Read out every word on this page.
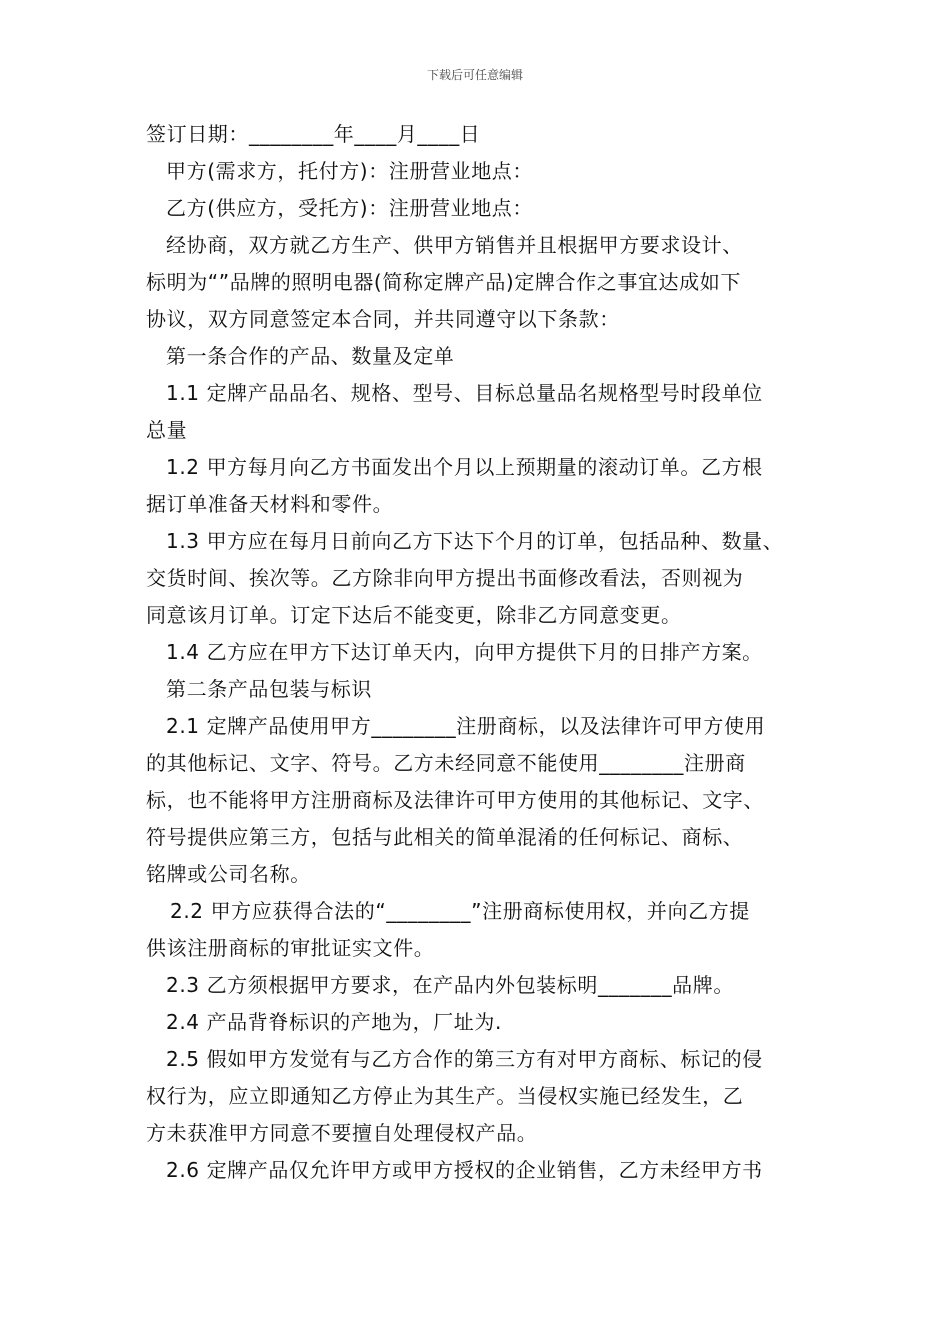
下载后可任意编辑
签订日期：________年____月____日
甲方(需求方，托付方)：注册营业地点：
乙方(供应方，受托方)：注册营业地点：
经协商，双方就乙方生产、供甲方销售并且根据甲方要求设计、
标明为“”品牌的照明电器(简称定牌产品)定牌合作之事宜达成如下
协议，双方同意签定本合同，并共同遵守以下条款：
第一条合作的产品、数量及定单
1.1 定牌产品品名、规格、型号、目标总量品名规格型号时段单位
总量
1.2 甲方每月向乙方书面发出个月以上预期量的滚动订单。乙方根
据订单准备天材料和零件。
1.3 甲方应在每月日前向乙方下达下个月的订单，包括品种、数量、
交货时间、挨次等。乙方除非向甲方提出书面修改看法，否则视为
同意该月订单。订定下达后不能变更，除非乙方同意变更。
1.4 乙方应在甲方下达订单天内，向甲方提供下月的日排产方案。
第二条产品包装与标识
2.1 定牌产品使用甲方________注册商标，以及法律许可甲方使用
的其他标记、文字、符号。乙方未经同意不能使用________注册商
标，也不能将甲方注册商标及法律许可甲方使用的其他标记、文字、
符号提供应第三方，包括与此相关的简单混淆的任何标记、商标、
铭牌或公司名称。
2.2 甲方应获得合法的“________”注册商标使用权，并向乙方提
供该注册商标的审批证实文件。
2.3 乙方须根据甲方要求，在产品内外包装标明_______品牌。
2.4 产品背脊标识的产地为，厂址为.
2.5 假如甲方发觉有与乙方合作的第三方有对甲方商标、标记的侵
权行为，应立即通知乙方停止为其生产。当侵权实施已经发生，乙
方未获准甲方同意不要擅自处理侵权产品。
2.6 定牌产品仅允许甲方或甲方授权的企业销售，乙方未经甲方书
